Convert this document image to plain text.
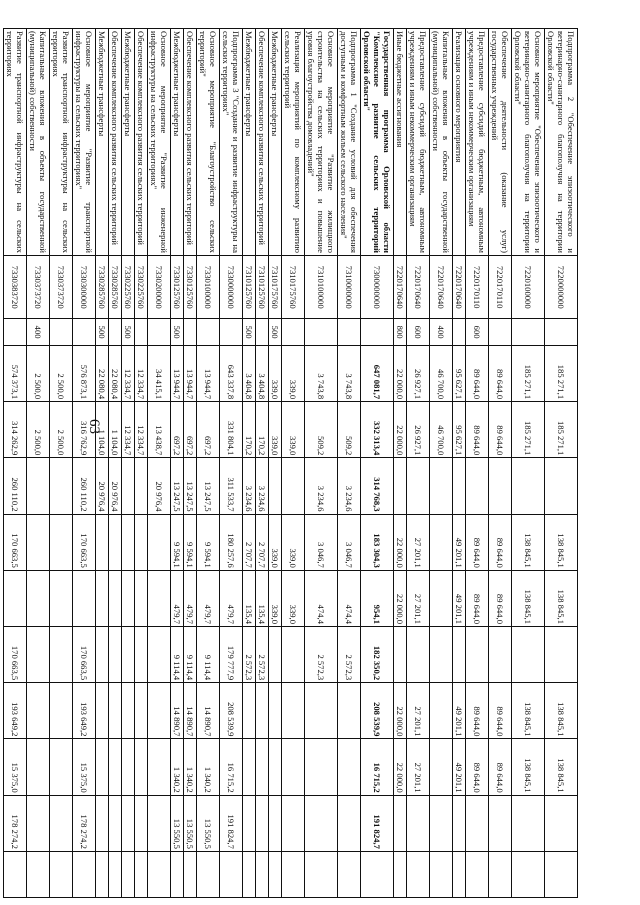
63
Подпрограмма 2 "Обеспечение эпизоотического и ветеринарно-санитарного благополучия на территории Орловской области"	7220000000		185 271,1	185 271,1		138 845,1	138 845,1		138 845,1	138 845,1		
Основное мероприятие "Обеспечение эпизоотического и ветеринарно-санитарного благополучия на территории Орловской области"	7220100000		185 271,1	185 271,1		138 845,1	138 845,1		138 845,1	138 845,1		
Обеспечение деятельности (оказание услуг) государственных учреждений	7220170110		89 644,0	89 644,0		89 644,0	89 644,0		89 644,0	89 644,0		
Предоставление субсидий бюджетным, автономным учреждениям и иным некоммерческим организациям	7220170110	600	89 644,0	89 644,0		89 644,0	89 644,0		89 644,0	89 644,0		
Реализация основного мероприятия	7220170640		95 627,1	95 627,1		49 201,1	49 201,1		49 201,1	49 201,1		
Капитальные вложения в объекты государственной (муниципальной) собственности	7220170640	400	46 700,0	46 700,0								
Предоставление субсидий бюджетным, автономным учреждениям и иным некоммерческим организациям	7220170640	600	26 927,1	26 927,1		27 201,1	27 201,1		27 201,1	27 201,1		
Иные бюджетные ассигнования	7220170640	800	22 000,0	22 000,0		22 000,0	22 000,0		22 000,0	22 000,0		
Государственная программа Орловской области "Комплексное развитие сельских территорий Орловской области"	7300000000		647 081,7	332 313,4	314 768,3	183 304,3	954,1	182 350,2	208 539,9	16 715,2	191 824,7	
Подпрограмма 1 "Создание условий для обеспечения доступным и комфортным жильем сельского населения"	7310000000		3 743,8	509,2	3 234,6	3 046,7	474,4	2 572,3				
Основное мероприятие "Развитие жилищного строительства на сельских территориях и повышение уровня благоустройства домовладений"	7310100000		3 743,8	509,2	3 234,6	3 046,7	474,4	2 572,3				
Реализация мероприятий по комплексному развитию сельских территорий	7310175760		339,0	339,0		339,0	339,0					
Межбюджетные трансферты	7310175760	500	339,0	339,0		339,0	339,0					
Обеспечение комплексного развития сельских территорий	7310125760		3 404,8	170,2	3 234,6	2 707,7	135,4	2 572,3				
Межбюджетные трансферты	7310125760	500	3 404,8	170,2	3 234,6	2 707,7	135,4	2 572,3				
Подпрограмма 3 "Создание и развитие инфраструктуры на сельских территориях"	7330000000		643 337,8	331 804,1	311 533,7	180 257,6	479,7	179 777,9	208 539,9	16 715,2	191 824,7	
Основное мероприятие "Благоустройство сельских территорий"	7330100000		13 944,7	697,2	13 247,5	9 594,1	479,7	9 114,4	14 890,7	1 340,2	13 550,5	
Обеспечение комплексного развития сельских территорий	7330125760		13 944,7	697,2	13 247,5	9 594,1	479,7	9 114,4	14 890,7	1 340,2	13 550,5	
Межбюджетные трансферты	7330125760	500	13 944,7	697,2	13 247,5	9 594,1	479,7	9 114,4	14 890,7	1 340,2	13 550,5	
Основное мероприятие "Развитие инженерной инфраструктуры на сельских территориях"	7330200000		34 415,1	13 438,7	20 976,4							
Обеспечение комплексного развития сельских территорий	7330225760		12 334,7	12 334,7								
Межбюджетные трансферты	7330225760	500	12 334,7	12 334,7								
Обеспечение комплексного развития сельских территорий	7330285760		22 080,4	1 104,0	20 976,4							
Межбюджетные трансферты	7330285760	500	22 080,4	1 104,0	20 976,4							
Основное мероприятие "Развитие транспортной инфраструктуры на сельских территориях"	7330300000		576 873,1	316 762,9	260 110,2	170 663,5		170 663,5	193 649,2	15 375,0	178 274,2	
Развитие транспортной инфраструктуры на сельских территориях	7330373720		2 500,0	2 500,0								
Капитальные вложения в объекты государственной (муниципальной) собственности	7330373720	400	2 500,0	2 500,0								
Развитие транспортной инфраструктуры на сельских территориях	7330383720		574 373,1	314 262,9	260 110,2	170 663,5		170 663,5	193 649,2	15 375,0	178 274,2	
